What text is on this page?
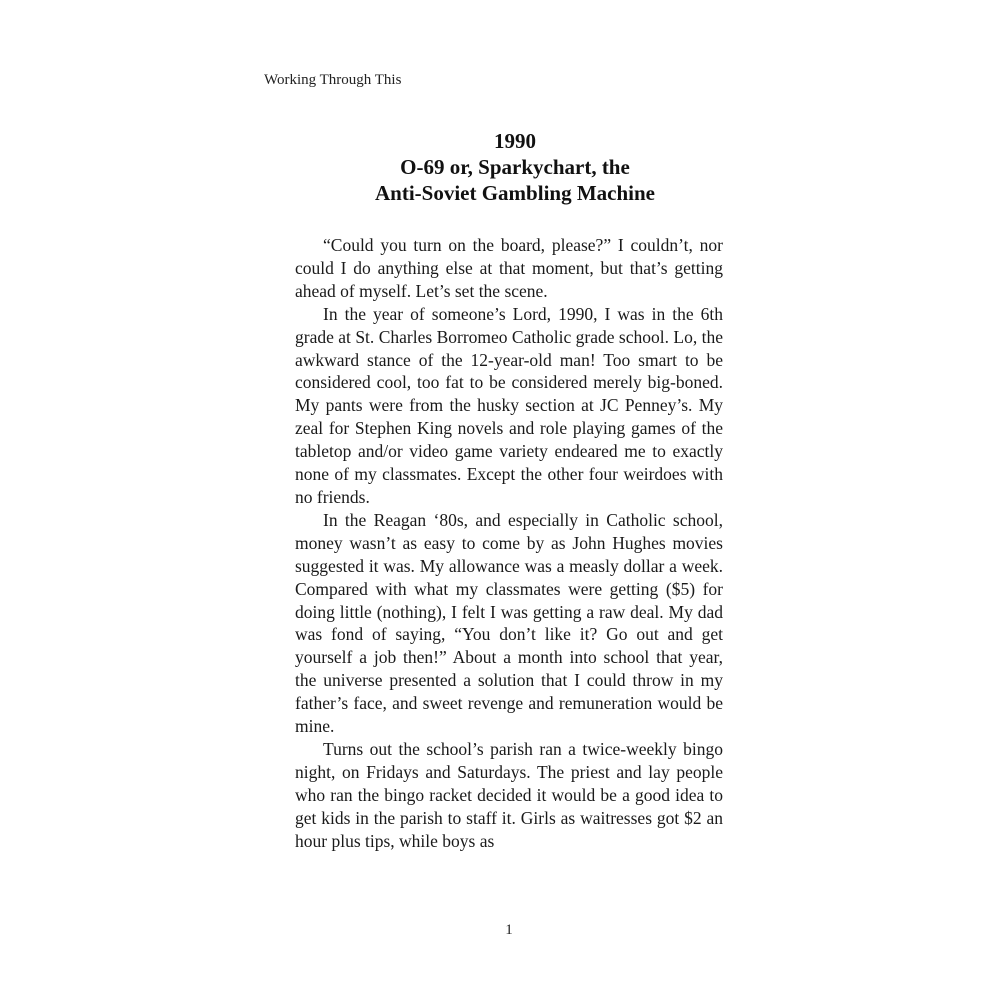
Working Through This
1990
O-69 or, Sparkychart, the
Anti-Soviet Gambling Machine

“Could you turn on the board, please?” I couldn’t, nor could I do anything else at that moment, but that’s getting ahead of myself. Let’s set the scene.

In the year of someone’s Lord, 1990, I was in the 6th grade at St. Charles Borromeo Catholic grade school. Lo, the awkward stance of the 12-year-old man! Too smart to be considered cool, too fat to be considered merely big-boned. My pants were from the husky section at JC Penney’s. My zeal for Stephen King novels and role playing games of the tabletop and/or video game variety endeared me to exactly none of my classmates. Except the other four weirdoes with no friends.

In the Reagan ‘80s, and especially in Catholic school, money wasn’t as easy to come by as John Hughes movies suggested it was. My allowance was a measly dollar a week. Compared with what my classmates were getting ($5) for doing little (nothing), I felt I was getting a raw deal. My dad was fond of saying, “You don’t like it? Go out and get yourself a job then!” About a month into school that year, the universe presented a solution that I could throw in my father’s face, and sweet revenge and remuneration would be mine.

Turns out the school’s parish ran a twice-weekly bingo night, on Fridays and Saturdays. The priest and lay people who ran the bingo racket decided it would be a good idea to get kids in the parish to staff it. Girls as waitresses got $2 an hour plus tips, while boys as

1
